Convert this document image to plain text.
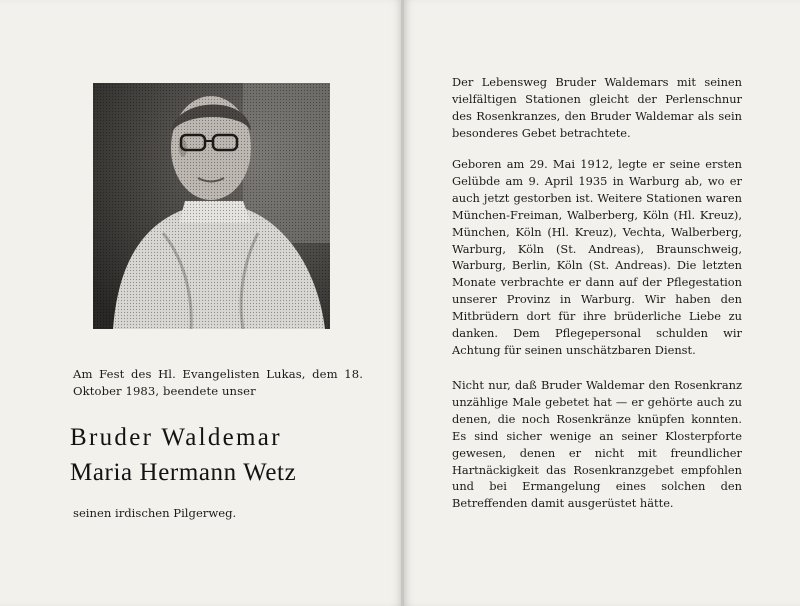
Am Fest des Hl. Evangelisten Lukas, dem 18. Oktober 1983, beendete unser
Bruder Waldemar
Maria Hermann Wetz
seinen irdischen Pilgerweg.
Der Lebensweg Bruder Waldemars mit seinen vielfältigen Stationen gleicht der Perlenschnur des Rosenkranzes, den Bruder Waldemar als sein besonderes Gebet betrachtete.
Geboren am 29. Mai 1912, legte er seine ersten Gelübde am 9. April 1935 in Warburg ab, wo er auch jetzt gestorben ist. Weitere Stationen waren München-Freiman, Walberberg, Köln (Hl. Kreuz), München, Köln (Hl. Kreuz), Vechta, Walberberg, Warburg, Köln (St. Andreas), Braunschweig, Warburg, Berlin, Köln (St. Andreas). Die letzten Monate verbrachte er dann auf der Pflegestation unserer Provinz in Warburg. Wir haben den Mitbrüdern dort für ihre brüderliche Liebe zu danken. Dem Pflegepersonal schulden wir Achtung für seinen unschätzbaren Dienst.
Nicht nur, daß Bruder Waldemar den Rosenkranz unzählige Male gebetet hat — er gehörte auch zu denen, die noch Rosenkränze knüpfen konnten. Es sind sicher wenige an seiner Klosterpforte gewesen, denen er nicht mit freundlicher Hartnäckigkeit das Rosenkranzgebet empfohlen und bei Ermangelung eines solchen den Betreffenden damit ausgerüstet hätte.
